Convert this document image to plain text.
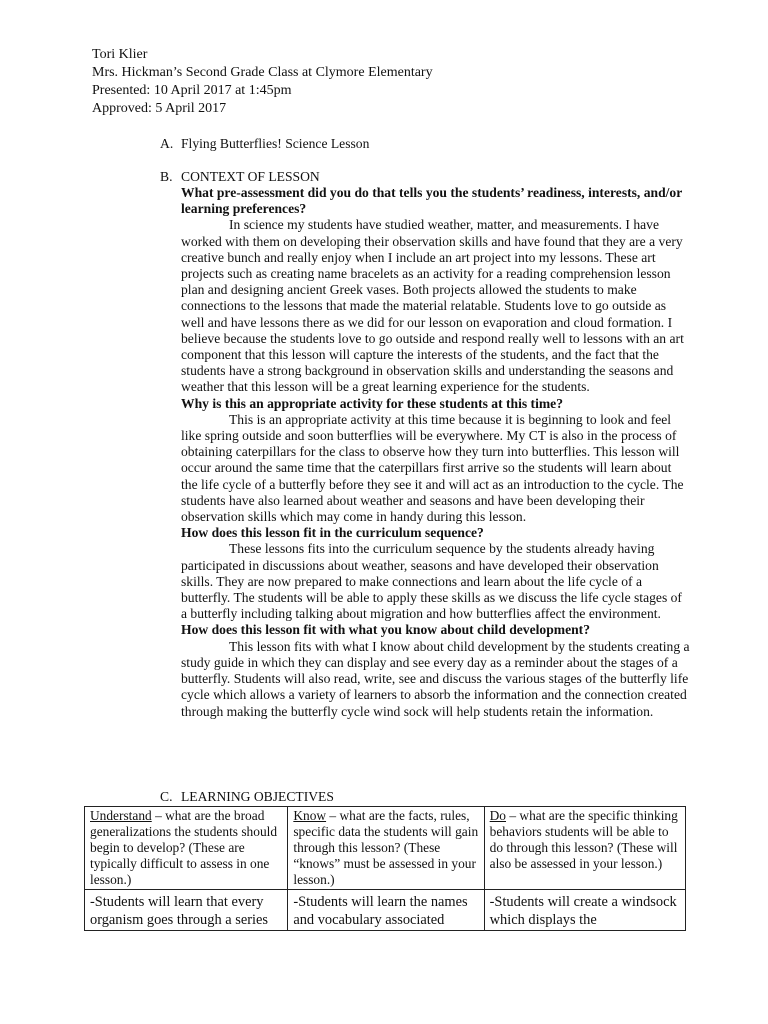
Tori Klier
Mrs. Hickman’s Second Grade Class at Clymore Elementary
Presented: 10 April 2017 at 1:45pm
Approved: 5 April 2017
A. Flying Butterflies! Science Lesson
B. CONTEXT OF LESSON
What pre-assessment did you do that tells you the students’ readiness, interests, and/or learning preferences?
In science my students have studied weather, matter, and measurements. I have worked with them on developing their observation skills and have found that they are a very creative bunch and really enjoy when I include an art project into my lessons. These art projects such as creating name bracelets as an activity for a reading comprehension lesson plan and designing ancient Greek vases. Both projects allowed the students to make connections to the lessons that made the material relatable. Students love to go outside as well and have lessons there as we did for our lesson on evaporation and cloud formation. I believe because the students love to go outside and respond really well to lessons with an art component that this lesson will capture the interests of the students, and the fact that the students have a strong background in observation skills and understanding the seasons and weather that this lesson will be a great learning experience for the students.
Why is this an appropriate activity for these students at this time?
This is an appropriate activity at this time because it is beginning to look and feel like spring outside and soon butterflies will be everywhere. My CT is also in the process of obtaining caterpillars for the class to observe how they turn into butterflies. This lesson will occur around the same time that the caterpillars first arrive so the students will learn about the life cycle of a butterfly before they see it and will act as an introduction to the cycle. The students have also learned about weather and seasons and have been developing their observation skills which may come in handy during this lesson.
How does this lesson fit in the curriculum sequence?
These lessons fits into the curriculum sequence by the students already having participated in discussions about weather, seasons and have developed their observation skills. They are now prepared to make connections and learn about the life cycle of a butterfly. The students will be able to apply these skills as we discuss the life cycle stages of a butterfly including talking about migration and how butterflies affect the environment.
How does this lesson fit with what you know about child development?
This lesson fits with what I know about child development by the students creating a study guide in which they can display and see every day as a reminder about the stages of a butterfly. Students will also read, write, see and discuss the various stages of the butterfly life cycle which allows a variety of learners to absorb the information and the connection created through making the butterfly cycle wind sock will help students retain the information.
C. LEARNING OBJECTIVES
Understand – what are the broad generalizations the students should begin to develop? (These are typically difficult to assess in one lesson.)	Know – what are the facts, rules, specific data the students will gain through this lesson? (These “knows” must be assessed in your lesson.)	Do – what are the specific thinking behaviors students will be able to do through this lesson? (These will also be assessed in your lesson.)
-Students will learn that every organism goes through a series	-Students will learn the names and vocabulary associated	-Students will create a windsock which displays the
